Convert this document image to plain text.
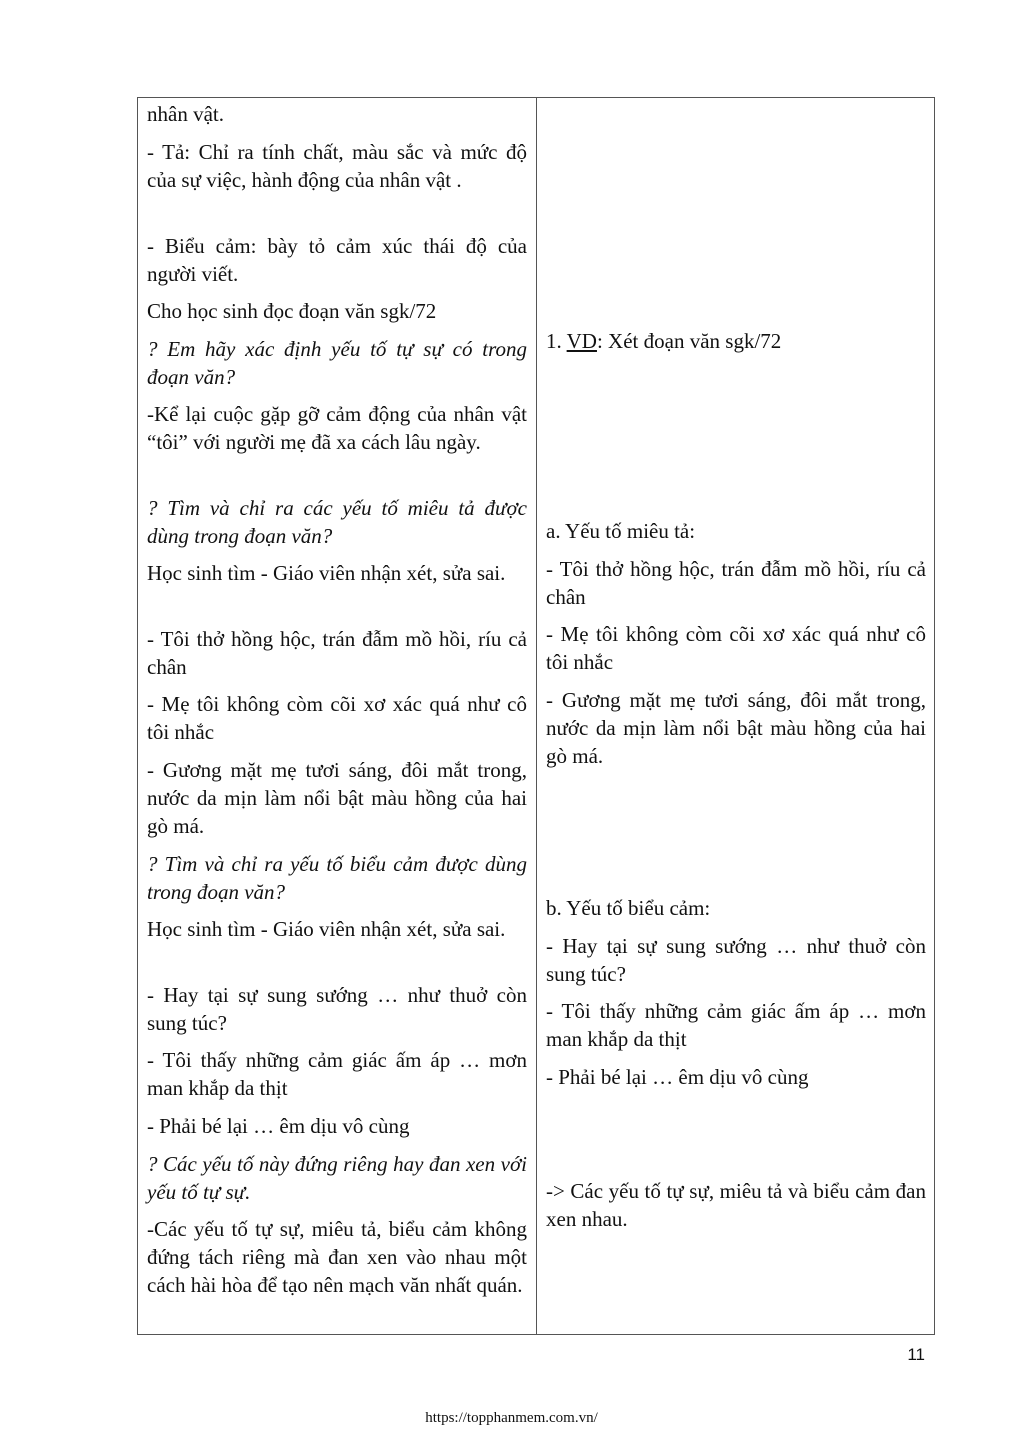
nhân vật.

- Tả: Chỉ ra tính chất, màu sắc và mức độ của sự việc, hành động của nhân vật .

- Biểu cảm: bày tỏ cảm xúc thái độ của người viết.

Cho học sinh đọc đoạn văn sgk/72

? Em hãy xác định yếu tố tự sự có trong đoạn văn?

-Kể lại cuộc gặp gỡ cảm động của nhân vật “tôi” với người mẹ đã xa cách lâu ngày.

? Tìm và chỉ ra các yếu tố miêu tả được dùng trong đoạn văn?

Học sinh tìm - Giáo viên nhận xét, sửa sai.

- Tôi thở hồng hộc, trán đẫm mồ hồi, ríu cả chân

- Mẹ tôi không còm cõi xơ xác quá như cô tôi nhắc

- Gương mặt mẹ tươi sáng, đôi mắt trong, nước da mịn làm nổi bật màu hồng của hai gò má.

? Tìm và chỉ ra yếu tố biểu cảm được dùng trong đoạn văn?

Học sinh tìm - Giáo viên nhận xét, sửa sai.

- Hay tại sự sung sướng … như thuở còn sung túc?

- Tôi thấy những cảm giác ấm áp … mơn man khắp da thịt

- Phải bé lại … êm dịu vô cùng

? Các yếu tố này đứng riêng hay đan xen với yếu tố tự sự.

-Các yếu tố tự sự, miêu tả, biểu cảm không đứng tách riêng mà đan xen vào nhau một cách hài hòa để tạo nên mạch văn nhất quán.

1. VD: Xét đoạn văn sgk/72

a. Yếu tố miêu tả:

- Tôi thở hồng hộc, trán đẫm mồ hồi, ríu cả chân

- Mẹ tôi không còm cõi xơ xác quá như cô tôi nhắc

- Gương mặt mẹ tươi sáng, đôi mắt trong, nước da mịn làm nổi bật màu hồng của hai gò má.

b. Yếu tố biểu cảm:

- Hay tại sự sung sướng … như thuở còn sung túc?

- Tôi thấy những cảm giác ấm áp … mơn man khắp da thịt

- Phải bé lại … êm dịu vô cùng

-> Các yếu tố tự sự, miêu tả và biểu cảm đan xen nhau.

11
https://topphanmem.com.vn/
